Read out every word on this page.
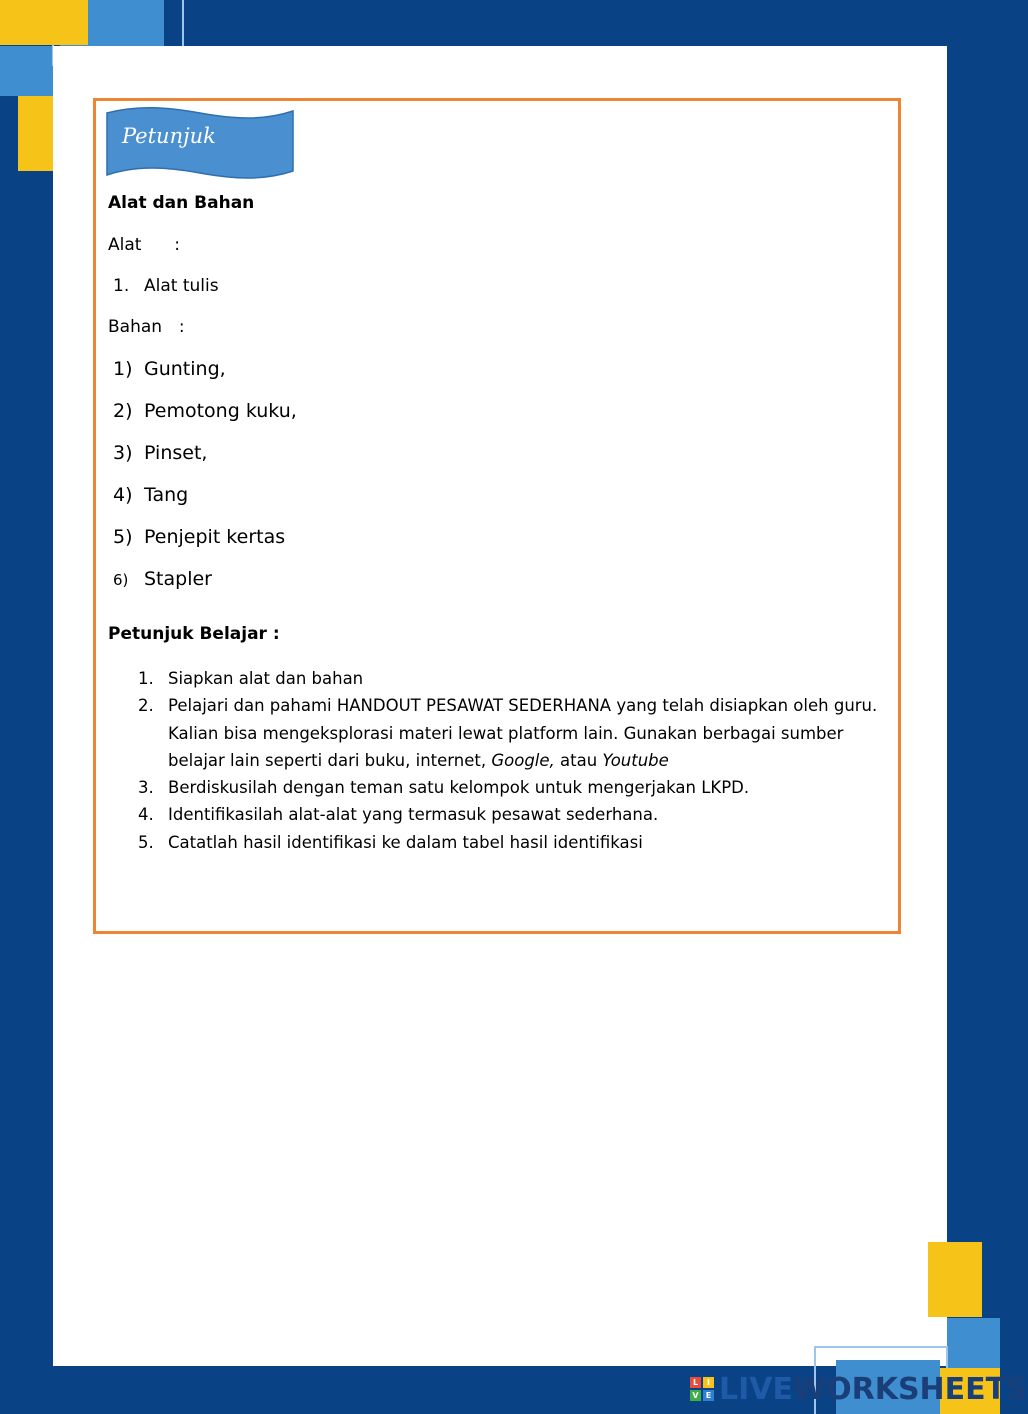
Petunjuk
Alat dan Bahan
Alat :
1. Alat tulis
Bahan :
1) Gunting,
2) Pemotong kuku,
3) Pinset,
4) Tang
5) Penjepit kertas
6) Stapler
Petunjuk Belajar :
1. Siapkan alat dan bahan
2. Pelajari dan pahami HANDOUT PESAWAT SEDERHANA yang telah disiapkan oleh guru. Kalian bisa mengeksplorasi materi lewat platform lain. Gunakan berbagai sumber belajar lain seperti dari buku, internet, Google, atau Youtube
3. Berdiskusilah dengan teman satu kelompok untuk mengerjakan LKPD.
4. Identifikasilah alat-alat yang termasuk pesawat sederhana.
5. Catatlah hasil identifikasi ke dalam tabel hasil identifikasi
L	I
V E LIVE WORKSHEETS
